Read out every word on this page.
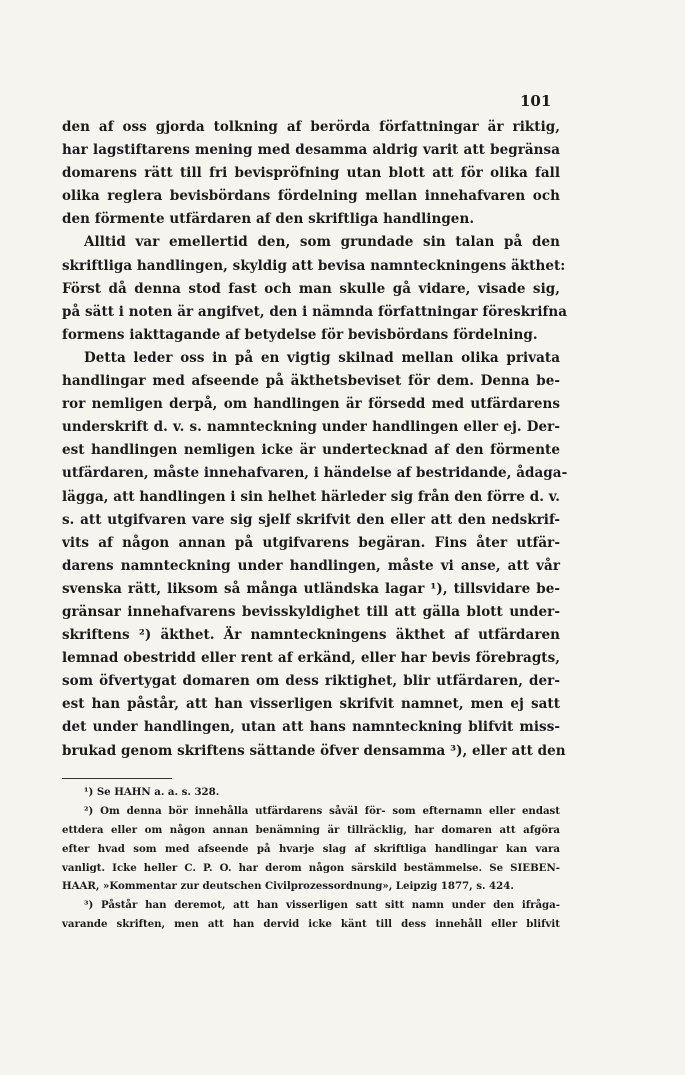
101
den af oss gjorda tolkning af berörda författningar är riktig,
har lagstiftarens mening med desamma aldrig varit att begränsa
domarens rätt till fri bevispröfning utan blott att för olika fall
olika reglera bevisbördans fördelning mellan innehafvaren och
den förmente utfärdaren af den skriftliga handlingen.
Alltid var emellertid den, som grundade sin talan på den
skriftliga handlingen, skyldig att bevisa namnteckningens äkthet:
Först då denna stod fast och man skulle gå vidare, visade sig,
på sätt i noten är angifvet, den i nämnda författningar föreskrifna
formens iakttagande af betydelse för bevisbördans fördelning.
Detta leder oss in på en vigtig skilnad mellan olika privata
handlingar med afseende på äkthetsbeviset för dem. Denna be-
ror nemligen derpå, om handlingen är försedd med utfärdarens
underskrift d. v. s. namnteckning under handlingen eller ej. Der-
est handlingen nemligen icke är undertecknad af den förmente
utfärdaren, måste innehafvaren, i händelse af bestridande, ådaga-
lägga, att handlingen i sin helhet härleder sig från den förre d. v.
s. att utgifvaren vare sig sjelf skrifvit den eller att den nedskrif-
vits af någon annan på utgifvarens begäran. Fins åter utfär-
darens namnteckning under handlingen, måste vi anse, att vår
svenska rätt, liksom så många utländska lagar ¹), tillsvidare be-
gränsar innehafvarens bevisskyldighet till att gälla blott under-
skriftens ²) äkthet. Är namnteckningens äkthet af utfärdaren
lemnad obestridd eller rent af erkänd, eller har bevis förebragts,
som öfvertygat domaren om dess riktighet, blir utfärdaren, der-
est han påstår, att han visserligen skrifvit namnet, men ej satt
det under handlingen, utan att hans namnteckning blifvit miss-
brukad genom skriftens sättande öfver densamma ³), eller att den
¹) Se HAHN a. a. s. 328.
²) Om denna bör innehålla utfärdarens såväl för- som efternamn eller endast
ettdera eller om någon annan benämning är tillräcklig, har domaren att afgöra
efter hvad som med afseende på hvarje slag af skriftliga handlingar kan vara
vanligt. Icke heller C. P. O. har derom någon särskild bestämmelse. Se SIEBEN-
HAAR, »Kommentar zur deutschen Civilprozessordnung», Leipzig 1877, s. 424.
³) Påstår han deremot, att han visserligen satt sitt namn under den ifråga-
varande skriften, men att han dervid icke känt till dess innehåll eller blifvit
